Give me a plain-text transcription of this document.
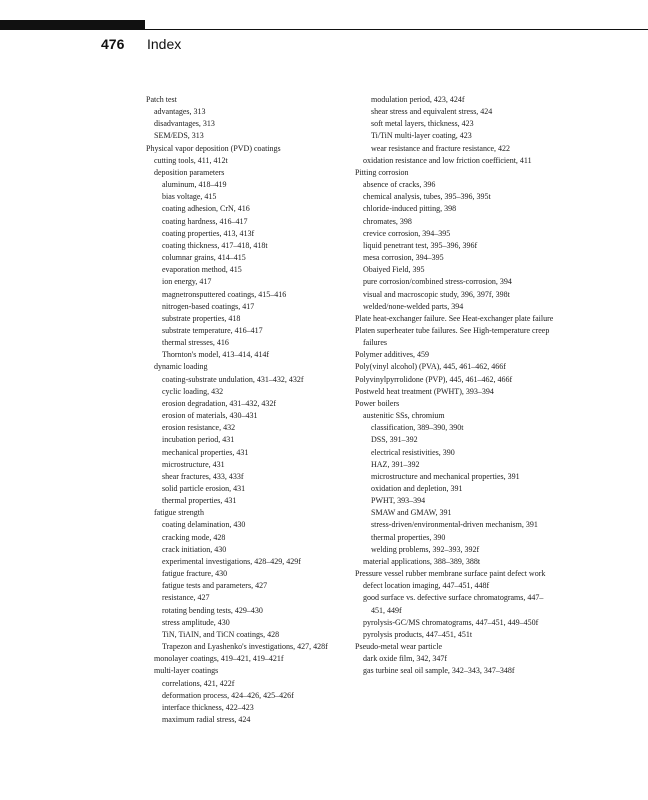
476 Index
Patch test
advantages, 313
disadvantages, 313
SEM/EDS, 313
Physical vapor deposition (PVD) coatings
cutting tools, 411, 412t
deposition parameters
aluminum, 418–419
bias voltage, 415
coating adhesion, CrN, 416
coating hardness, 416–417
coating properties, 413, 413f
coating thickness, 417–418, 418t
columnar grains, 414–415
evaporation method, 415
ion energy, 417
magnetronsputtered coatings, 415–416
nitrogen-based coatings, 417
substrate properties, 418
substrate temperature, 416–417
thermal stresses, 416
Thornton's model, 413–414, 414f
dynamic loading
coating-substrate undulation, 431–432, 432f
cyclic loading, 432
erosion degradation, 431–432, 432f
erosion of materials, 430–431
erosion resistance, 432
incubation period, 431
mechanical properties, 431
microstructure, 431
shear fractures, 433, 433f
solid particle erosion, 431
thermal properties, 431
fatigue strength
coating delamination, 430
cracking mode, 428
crack initiation, 430
experimental investigations, 428–429, 429f
fatigue fracture, 430
fatigue tests and parameters, 427
resistance, 427
rotating bending tests, 429–430
stress amplitude, 430
TiN, TiAlN, and TiCN coatings, 428
Trapezon and Lyashenko's investigations, 427, 428f
monolayer coatings, 419–421, 419–421f
multi-layer coatings
correlations, 421, 422f
deformation process, 424–426, 425–426f
interface thickness, 422–423
maximum radial stress, 424
modulation period, 423, 424f
shear stress and equivalent stress, 424
soft metal layers, thickness, 423
Ti/TiN multi-layer coating, 423
wear resistance and fracture resistance, 422
oxidation resistance and low friction coefficient, 411
Pitting corrosion
absence of cracks, 396
chemical analysis, tubes, 395–396, 395t
chloride-induced pitting, 398
chromates, 398
crevice corrosion, 394–395
liquid penetrant test, 395–396, 396f
mesa corrosion, 394–395
Obaiyed Field, 395
pure corrosion/combined stress-corrosion, 394
visual and macroscopic study, 396, 397f, 398t
welded/none-welded parts, 394
Plate heat-exchanger failure. See Heat-exchanger plate failure
Platen superheater tube failures. See High-temperature creep failures
Polymer additives, 459
Poly(vinyl alcohol) (PVA), 445, 461–462, 466f
Polyvinylpyrrolidone (PVP), 445, 461–462, 466f
Postweld heat treatment (PWHT), 393–394
Power boilers
austenitic SSs, chromium
classification, 389–390, 390t
DSS, 391–392
electrical resistivities, 390
HAZ, 391–392
microstructure and mechanical properties, 391
oxidation and depletion, 391
PWHT, 393–394
SMAW and GMAW, 391
stress-driven/environmental-driven mechanism, 391
thermal properties, 390
welding problems, 392–393, 392f
material applications, 388–389, 388t
Pressure vessel rubber membrane surface paint defect work
defect location imaging, 447–451, 448f
good surface vs. defective surface chromatograms, 447–451, 449f
pyrolysis-GC/MS chromatograms, 447–451, 449–450f
pyrolysis products, 447–451, 451t
Pseudo-metal wear particle
dark oxide film, 342, 347f
gas turbine seal oil sample, 342–343, 347–348f
